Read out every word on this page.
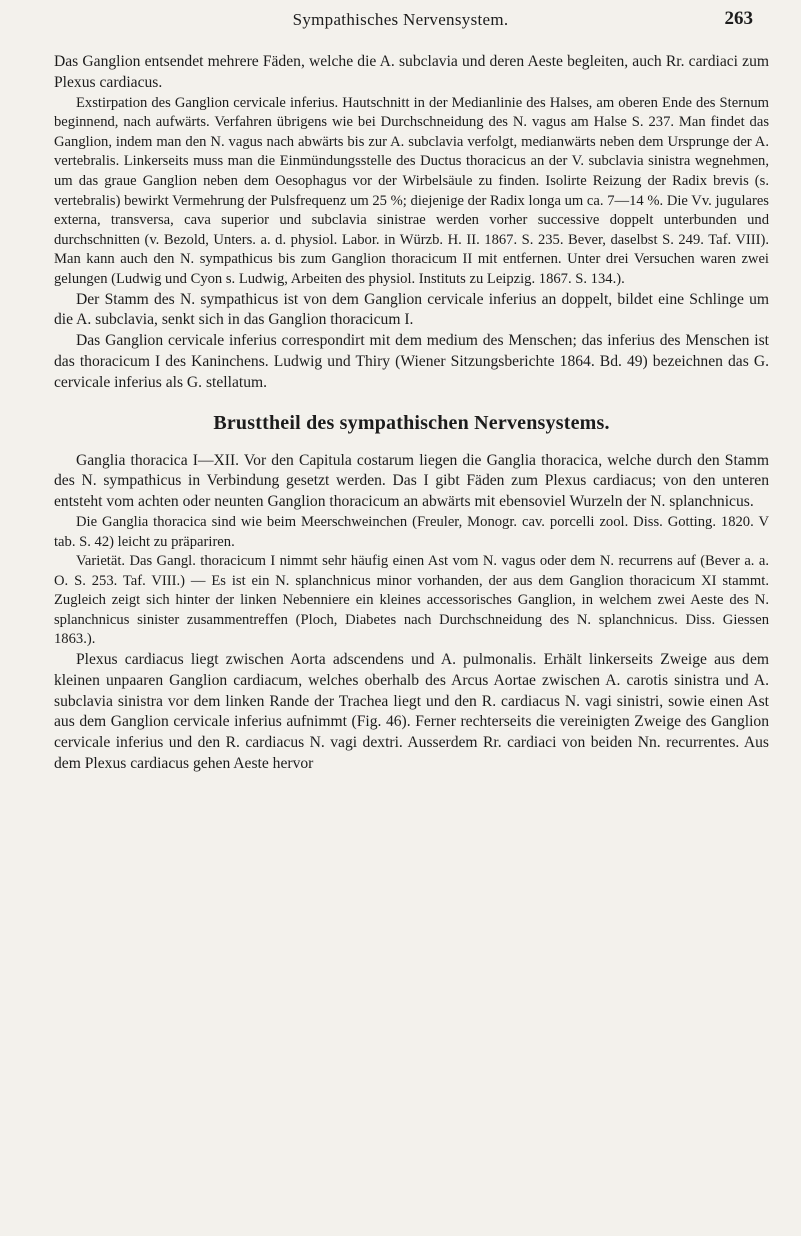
Sympathisches Nervensystem.	263

Das Ganglion entsendet mehrere Fäden, welche die A. subclavia und deren Aeste begleiten, auch Rr. cardiaci zum Plexus cardiacus.

Exstirpation des Ganglion cervicale inferius. Hautschnitt in der Medianlinie des Halses, am oberen Ende des Sternum beginnend, nach aufwärts. Verfahren übrigens wie bei Durchschneidung des N. vagus am Halse S. 237. Man findet das Ganglion, indem man den N. vagus nach abwärts bis zur A. subclavia verfolgt, medianwärts neben dem Ursprunge der A. vertebralis. Linkerseits muss man die Einmündungsstelle des Ductus thoracicus an der V. subclavia sinistra wegnehmen, um das graue Ganglion neben dem Oesophagus vor der Wirbelsäule zu finden. Isolirte Reizung der Radix brevis (s. vertebralis) bewirkt Vermehrung der Pulsfrequenz um 25 %; diejenige der Radix longa um ca. 7—14 %. Die Vv. jugulares externa, transversa, cava superior und subclavia sinistrae werden vorher successive doppelt unterbunden und durchschnitten (v. Bezold, Unters. a. d. physiol. Labor. in Würzb. H. II. 1867. S. 235. Bever, daselbst S. 249. Taf. VIII). Man kann auch den N. sympathicus bis zum Ganglion thoracicum II mit entfernen. Unter drei Versuchen waren zwei gelungen (Ludwig und Cyon s. Ludwig, Arbeiten des physiol. Instituts zu Leipzig. 1867. S. 134.).

Der Stamm des N. sympathicus ist von dem Ganglion cervicale inferius an doppelt, bildet eine Schlinge um die A. subclavia, senkt sich in das Ganglion thoracicum I.

Das Ganglion cervicale inferius correspondirt mit dem medium des Menschen; das inferius des Menschen ist das thoracicum I des Kaninchens. Ludwig und Thiry (Wiener Sitzungsberichte 1864. Bd. 49) bezeichnen das G. cervicale inferius als G. stellatum.

Brusttheil des sympathischen Nervensystems.

Ganglia thoracica I—XII. Vor den Capitula costarum liegen die Ganglia thoracica, welche durch den Stamm des N. sympathicus in Verbindung gesetzt werden. Das I gibt Fäden zum Plexus cardiacus; von den unteren entsteht vom achten oder neunten Ganglion thoracicum an abwärts mit ebensoviel Wurzeln der N. splanchnicus.

Die Ganglia thoracica sind wie beim Meerschweinchen (Freuler, Monogr. cav. porcelli zool. Diss. Gotting. 1820. V tab. S. 42) leicht zu präpariren.

Varietät. Das Gangl. thoracicum I nimmt sehr häufig einen Ast vom N. vagus oder dem N. recurrens auf (Bever a. a. O. S. 253. Taf. VIII.) — Es ist ein N. splanchnicus minor vorhanden, der aus dem Ganglion thoracicum XI stammt. Zugleich zeigt sich hinter der linken Nebenniere ein kleines accessorisches Ganglion, in welchem zwei Aeste des N. splanchnicus sinister zusammentreffen (Ploch, Diabetes nach Durchschneidung des N. splanchnicus. Diss. Giessen 1863.).

Plexus cardiacus liegt zwischen Aorta adscendens und A. pulmonalis. Erhält linkerseits Zweige aus dem kleinen unpaaren Ganglion cardiacum, welches oberhalb des Arcus Aortae zwischen A. carotis sinistra und A. subclavia sinistra vor dem linken Rande der Trachea liegt und den R. cardiacus N. vagi sinistri, sowie einen Ast aus dem Ganglion cervicale inferius aufnimmt (Fig. 46). Ferner rechterseits die vereinigten Zweige des Ganglion cervicale inferius und den R. cardiacus N. vagi dextri. Ausserdem Rr. cardiaci von beiden Nn. recurrentes. Aus dem Plexus cardiacus gehen Aeste hervor
